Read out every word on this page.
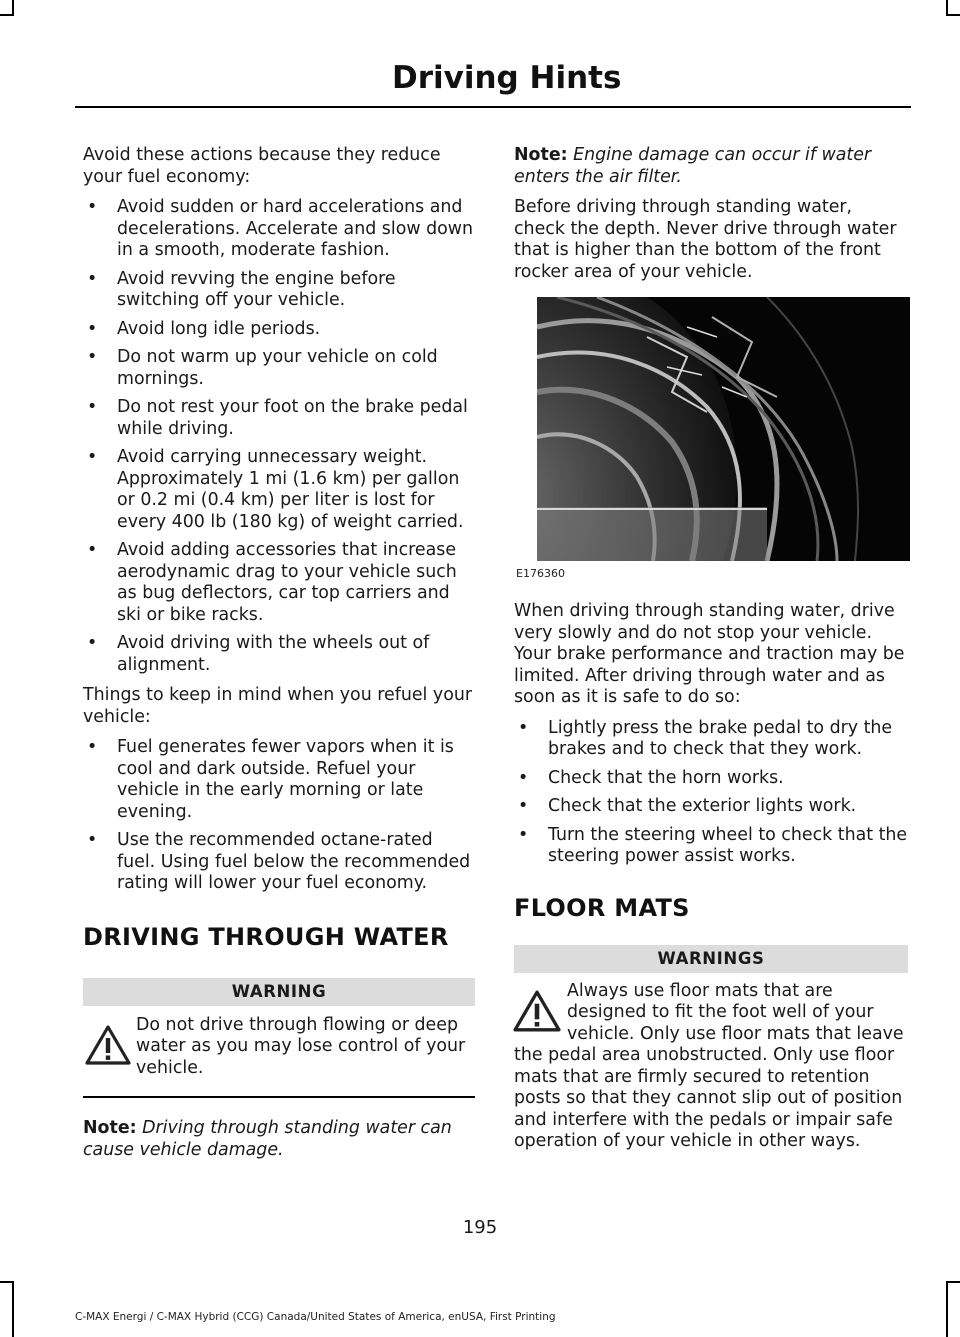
Driving Hints

Avoid these actions because they reduce your fuel economy:

• Avoid sudden or hard accelerations and decelerations. Accelerate and slow down in a smooth, moderate fashion.
• Avoid revving the engine before switching off your vehicle.
• Avoid long idle periods.
• Do not warm up your vehicle on cold mornings.
• Do not rest your foot on the brake pedal while driving.
• Avoid carrying unnecessary weight. Approximately 1 mi (1.6 km) per gallon or 0.2 mi (0.4 km) per liter is lost for every 400 lb (180 kg) of weight carried.
• Avoid adding accessories that increase aerodynamic drag to your vehicle such as bug deflectors, car top carriers and ski or bike racks.
• Avoid driving with the wheels out of alignment.

Things to keep in mind when you refuel your vehicle:

• Fuel generates fewer vapors when it is cool and dark outside. Refuel your vehicle in the early morning or late evening.
• Use the recommended octane-rated fuel. Using fuel below the recommended rating will lower your fuel economy.
DRIVING THROUGH WATER
WARNING
Do not drive through flowing or deep water as you may lose control of your vehicle.

Note: Driving through standing water can cause vehicle damage.

Note: Engine damage can occur if water enters the air filter.

Before driving through standing water, check the depth. Never drive through water that is higher than the bottom of the front rocker area of your vehicle.

E176360

When driving through standing water, drive very slowly and do not stop your vehicle. Your brake performance and traction may be limited. After driving through water and as soon as it is safe to do so:

• Lightly press the brake pedal to dry the brakes and to check that they work.
• Check that the horn works.
• Check that the exterior lights work.
• Turn the steering wheel to check that the steering power assist works.
FLOOR MATS
WARNINGS
Always use floor mats that are designed to fit the foot well of your vehicle. Only use floor mats that leave the pedal area unobstructed. Only use floor mats that are firmly secured to retention posts so that they cannot slip out of position and interfere with the pedals or impair safe operation of your vehicle in other ways.
195
C-MAX Energi / C-MAX Hybrid (CCG) Canada/United States of America, enUSA, First Printing
